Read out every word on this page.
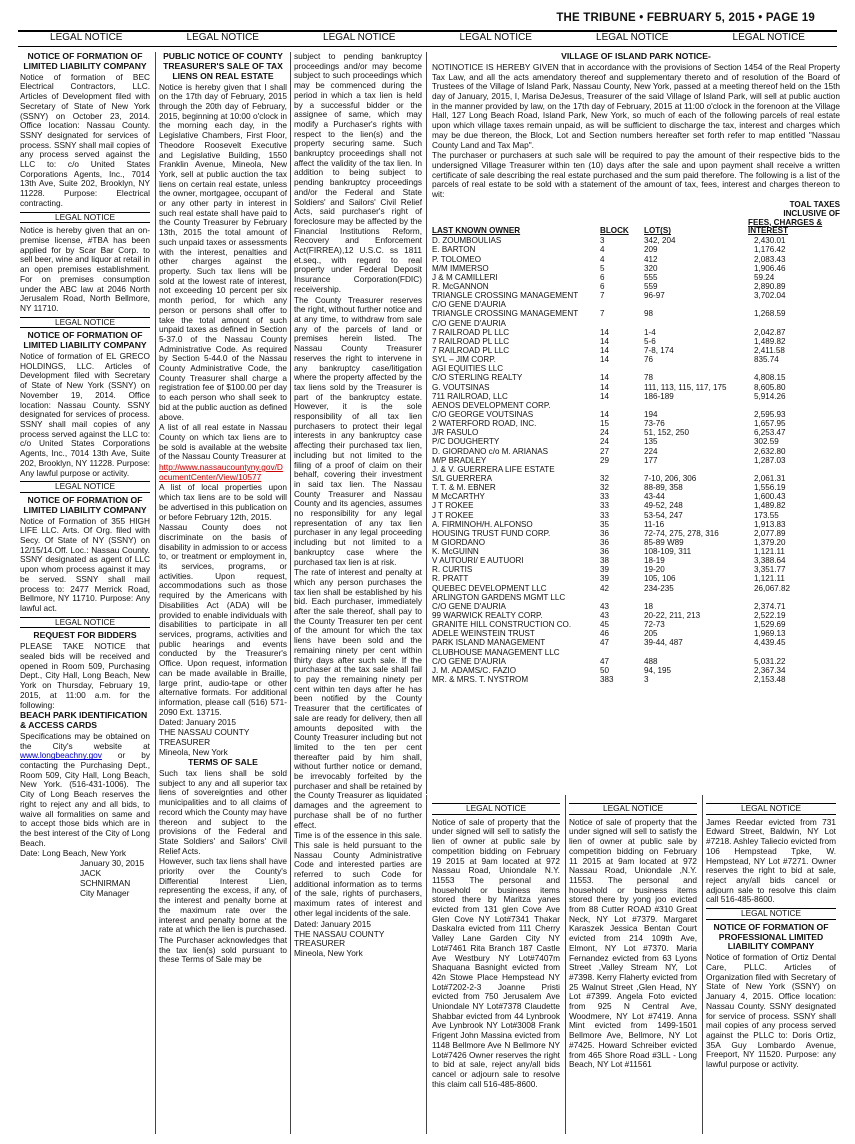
THE TRIBUNE • FEBRUARY 5, 2015 • PAGE 19
LEGAL NOTICE	LEGAL NOTICE	LEGAL NOTICE	LEGAL NOTICE	LEGAL NOTICE	LEGAL NOTICE
NOTICE OF FORMATION OF LIMITED LIABILITY COMPANY

Notice of formation of BEC Electrical Contractors, LLC. Articles of Development filed with Secretary of State of New York (SSNY) on October 23, 2014. Office location: Nassau County. SSNY designated for services of process. SSNY shall mail copies of any process served against the LLC to: c/o United States Corporations Agents, Inc., 7014 13th Ave, Suite 202, Brooklyn, NY 11228. Purpose: Electrical contracting.

LEGAL NOTICE

Notice is hereby given that an on-premise license, #TBA has been applied for by Scar Bar Corp. to sell beer, wine and liquor at retail in an open premises establishment. For on premises consumption under the ABC law at 2046 North Jerusalem Road, North Bellmore, NY 11710.

LEGAL NOTICE
NOTICE OF FORMATION OF LIMITED LIABILITY COMPANY

Notice of formation of EL GRECO HOLDINGS, LLC. Articles of Development filed with Secretary of State of New York (SSNY) on November 19, 2014. Office location: Nassau County. SSNY designated for services of process. SSNY shall mail copies of any process served against the LLC to: c/o United States Corporations Agents, Inc., 7014 13th Ave, Suite 202, Brooklyn, NY 11228. Purpose: Any lawful purpose or activity.

LEGAL NOTICE
NOTICE OF FORMATION OF LIMITED LIABILITY COMPANY

Notice of Formation of 355 HIGH LIFE LLC. Arts. Of Org. filed with Secy. Of State of NY (SSNY) on 12/15/14.Off. Loc.: Nassau County. SSNY designated as agent of LLC upon whom process against it may be served. SSNY shall mail process to: 2477 Merrick Road, Bellmore, NY 11710. Purpose: Any lawful act.

LEGAL NOTICE
REQUEST FOR BIDDERS

PLEASE TAKE NOTICE that sealed bids will be received and opened in Room 509, Purchasing Dept., City Hall, Long Beach, New York on Thursday, February 19, 2015, at 11:00 a.m. for the following:

BEACH PARK IDENTIFICATION & ACCESS CARDS

Specifications may be obtained on the City's website at www.longbeachny.gov or by contacting the Purchasing Dept., Room 509, City Hall, Long Beach, New York. (516-431-1006). The City of Long Beach reserves the right to reject any and all bids, to waive all formalities on same and to accept those bids which are in the best interest of the City of Long Beach.

Date: Long Beach, New York
January 30, 2015
JACK SCHNIRMAN
City Manager
PUBLIC NOTICE OF COUNTY TREASURER'S SALE OF TAX LIENS ON REAL ESTATE

Notice is hereby given that I shall on the 17th day of February, 2015 through the 20th day of February, 2015, beginning at 10:00 o'clock in the morning each day, in the Legislative Chambers, First Floor, Theodore Roosevelt Executive and Legislative Building, 1550 Franklin Avenue, Mineola, New York, sell at public auction the tax liens on certain real estate, unless the owner, mortgagee, occupant of or any other party in interest in such real estate shall have paid to the County Treasurer by February 13th, 2015 the total amount of such unpaid taxes or assessments with the interest, penalties and other charges against the property. Such tax liens will be sold at the lowest rate of interest, not exceeding 10 percent per six month period, for which any person or persons shall offer to take the total amount of such unpaid taxes as defined in Section 5-37.0 of the Nassau County Administrative Code. As required by Section 5-44.0 of the Nassau County Administrative Code, the County Treasurer shall charge a registration fee of $100.00 per day to each person who shall seek to bid at the public auction as defined above.

A list of all real estate in Nassau County on which tax liens are to be sold is available at the website of the Nassau County Treasurer at

http://www.nassaucountyny.gov/DocumentCenter/View/10577

A list of local properties upon which tax liens are to be sold will be advertised in this publication on or before February 12th, 2015.

Nassau County does not discriminate on the basis of disability in admission to or access to, or treatment or employment in, its services, programs, or activities. Upon request, accommodations such as those required by the Americans with Disabilities Act (ADA) will be provided to enable individuals with disabilities to participate in all services, programs, activities and public hearings and events conducted by the Treasurer's Office. Upon request, information can be made available in Braille, large print, audio-tape or other alternative formats. For additional information, please call (516) 571-2090 Ext. 13715.

Dated: January 2015
THE NASSAU COUNTY TREASURER
Mineola, New York
TERMS OF SALE

Such tax liens shall be sold subject to any and all superior tax liens of sovereignties and other municipalities and to all claims of record which the County may have thereon and subject to the provisions of the Federal and State Soldiers' and Sailors' Civil Relief Acts.

However, such tax liens shall have priority over the County's Differential Interest Lien, representing the excess, if any, of the interest and penalty borne at the maximum rate over the interest and penalty borne at the rate at which the lien is purchased.

The Purchaser acknowledges that the tax lien(s) sold pursuant to these Terms of Sale may be

subject to pending bankruptcy proceedings and/or may become subject to such proceedings which may be commenced during the period in which a tax lien is held by a successful bidder or the assignee of same, which may modify a Purchaser's rights with respect to the lien(s) and the property securing same. Such bankruptcy proceedings shall not affect the validity of the tax lien. In addition to being subject to pending bankruptcy proceedings and/or the Federal and State Soldiers' and Sailors' Civil Relief Acts, said purchaser's right of foreclosure may be affected by the Financial Institutions Reform, Recovery and Enforcement Act(FIRREA),12 U.S.C. ss 1811 et.seq., with regard to real property under Federal Deposit Insurance Corporation(FDIC) receivership.

The County Treasurer reserves the right, without further notice and at any time, to withdraw from sale any of the parcels of land or premises herein listed. The Nassau County Treasurer reserves the right to intervene in any bankruptcy case/litigation where the property affected by the tax liens sold by the Treasurer is part of the bankruptcy estate. However, it is the sole responsibility of all tax lien purchasers to protect their legal interests in any bankruptcy case affecting their purchased tax lien, including but not limited to the filing of a proof of claim on their behalf, covering their investment in said tax lien. The Nassau County Treasurer and Nassau County and its agencies, assumes no responsibility for any legal representation of any tax lien purchaser in any legal proceeding including but not limited to a bankruptcy case where the purchased tax lien is at risk.

The rate of interest and penalty at which any person purchases the tax lien shall be established by his bid. Each purchaser, immediately after the sale thereof, shall pay to the County Treasurer ten per cent of the amount for which the tax liens have been sold and the remaining ninety per cent within thirty days after such sale. If the purchaser at the tax sale shall fail to pay the remaining ninety per cent within ten days after he has been notified by the County Treasurer that the certificates of sale are ready for delivery, then all amounts deposited with the County Treasurer including but not limited to the ten per cent thereafter paid by him shall, without further notice or demand, be irrevocably forfeited by the purchaser and shall be retained by the County Treasurer as liquidated damages and the agreement to purchase shall be of no further effect.

Time is of the essence in this sale. This sale is held pursuant to the Nassau County Administrative Code and interested parties are referred to such Code for additional information as to terms of the sale, rights of purchasers, maximum rates of interest and other legal incidents of the sale.

Dated: January 2015
THE NASSAU COUNTY TREASURER
Mineola, New York
VILLAGE OF ISLAND PARK NOTICE-

NOTINOTICE IS HEREBY GIVEN that in accordance with the provisions of Section 1454 of the Real Property Tax Law, and all the acts amendatory thereof and supplementary thereto and of resolution of the Board of Trustees of the Village of Island Park, Nassau County, New York, passed at a meeting thereof held on the 15th day of January, 2015, I, Marisa DeJesus, Treasurer of the said Village of Island Park, will sell at public auction in the manner provided by law, on the 17th day of February, 2015 at 11:00 o'clock in the forenoon at the Village Hall, 127 Long Beach Road, Island Park, New York, so much of each of the following parcels of real estate upon which village taxes remain unpaid, as will be sufficient to discharge the tax, interest and charges which may be due thereon, the Block, Lot and Section numbers hereafter set forth refer to map entitled "Nassau County Land and Tax Map".

The purchaser or purchasers at such sale will be required to pay the amount of their respective bids to the undersigned Village Treasurer within ten (10) days after the sale and upon payment shall receive a written certificate of sale describing the real estate purchased and the sum paid therefore. The following is a list of the parcels of real estate to be sold with a statement of the amount of tax, fees, interest and charges thereon to wit:

LAST KNOWN OWNER	BLOCK	LOT(S)	TOAL TAXES INCLUSIVE OF
FEES, CHARGES & INTEREST
D. ZOUMBOULIAS	3	342, 204	2,430.01
E. BARTON	4	209	1,176.42
P. TOLOMEO	4	412	2,083.43
M/M IMMERSO	5	320	1,906.46
J & M CAMILLERI	6	555	59.24
R. McGANNON	6	559	2,890.89
TRIANGLE CROSSING MANAGEMENT	7	96-97	3,702.04
C/O GENE D'AURIA			
TRIANGLE CROSSING MANAGEMENT	7	98	1,268.59
C/O GENE D'AURIA			
7 RAILROAD PL LLC	14	1-4	2,042.87
7 RAILROAD PL LLC	14	5-6	1,489.82
7 RAILROAD PL LLC	14	7-8, 174	2,411.58
SYL – JIM CORP.	14	76	835.74
AGI EQUITIES LLC			
C/O STERLING REALTY	14	78	4,808.15
G. VOUTSINAS	14	111, 113, 115, 117, 175	8,605.80
711 RAILROAD, LLC	14	186-189	5,914.26
AENOS DEVELOPMENT CORP.			
C/O GEORGE VOUTSINAS	14	194	2,595.93
2 WATERFORD ROAD, INC.	15	73-76	1,657.95
J/R FASULO	24	51, 152, 250	6,253.47
P/C DOUGHERTY	24	135	302.59
D. GIORDANO c/o M. ARIANAS	27	224	2,632.80
M/P BRADLEY	29	177	1,287.03
J. & V. GUERRERA LIFE ESTATE			
S/L GUERRERA	32	7-10, 206, 306	2,061.31
T. T. & M. EBNER	32	88-89, 358	1,556.19
M McCARTHY	33	43-44	1,600.43
J T ROKEE	33	49-52, 248	1,489.82
J T ROKEE	33	53-54, 247	173.55
A. FIRMINOH/H. ALFONSO	35	11-16	1,913.83
HOUSING TRUST FUND CORP.	36	72-74, 275, 278, 316	2,077.89
M GIORDANO	36	85-89 W89	1,379.20
K. McGUINN	36	108-109, 311	1,121.11
V AUTOURI/ E AUTUORI	38	18-19	3,388.64
R. CURTIS	39	19-20	3,351.77
R. PRATT	39	105, 106	1,121.11
QUEBEC DEVELOPMENT LLC	42	234-235	26,067.82
ARLINGTON GARDENS MGMT LLC			
C/O GENE D'AURIA	43	18	2,374.71
99 WARWICK REALTY CORP.	43	20-22, 211, 213	2,522.19
GRANITE HILL CONSTRUCTION CO.	45	72-73	1,529.69
ADELE WEINSTEIN TRUST	46	205	1,969.13
PARK ISLAND MANAGEMENT	47	39-44, 487	4,439.45
CLUBHOUSE MANAGEMENT LLC			
C/O GENE D'AURIA	47	488	5,031.22
J. M. ADAMS/C. FAZIO	50	94, 195	2,367.34
MR. & MRS. T. NYSTROM	383	3	2,153.48
LEGAL NOTICE

Notice of sale of property that the under signed will sell to satisfy the lien of owner at public sale by competition bidding on February 19 2015 at 9am located at 972 Nassau Road, Uniondale N.Y. 11553 The personal and household or business items stored there by Maritza yanes evicted from 131 glen Cove Ave Glen Cove NY Lot#7341 Thakar Daskalra evicted from 111 Cherry Valley Lane Garden City NY Lot#7461 Rita Branch 187 Castle Ave Westbury NY Lot#7407m Shaquana Basnight evicted from 42n Stowe Place Hempstead NY Lot#7202-2-3 Joanne Pristi evicted from 750 Jerusalem Ave Uniondale NY Lot#7378 Claudette Shabbar evicted from 44 Lynbrook Ave Lynbrook NY Lot#3008 Frank Frigent John Massina evicted from 1148 Bellmore Ave N Bellmore NY Lot#7426 Owner reserves the right to bid at sale, reject any/all bids cancel or adjourn sale to resolve this claim call 516-485-8600.

LEGAL NOTICE

Notice of sale of property that the under signed will sell to satisfy the lien of owner at public sale by competition bidding on February 11 2015 at 9am located at 972 Nassau Road, Uniondale ,N.Y. 11553. The personal and household or business items stored there by yong joo evicted from 88 Cutter ROAD #310 Great Neck, NY Lot #7379. Margaret Karaszek Jessica Bentan Court evicted from 214 109th Ave, Elmont, NY Lot #7370. Maria Fernandez evicted from 63 Lyons Street ,Valley Stream NY, Lot #7398. Kerry Flaherty evicted from 25 Walnut Street ,Glen Head, NY Lot #7399. Angela Foto evicted from 925 N Central Ave, Woodmere, NY Lot #7419. Anna Mint evicted from 1499-1501 Bellmore Ave, Bellmore, NY Lot #7425. Howard Schreiber evicted from 465 Shore Road #3LL - Long Beach, NY Lot #11561

LEGAL NOTICE

James Reedar evicted from 731 Edward Street, Baldwin, NY Lot #7218. Ashley Taliecio evicted from 106 Hempstead Tpke, W. Hempstead, NY Lot #7271. Owner reserves the right to bid at sale, reject any/all bids cancel or adjourn sale to resolve this claim call 516-485-8600.

LEGAL NOTICE
NOTICE OF FORMATION OF PROFESSIONAL LIMITED LIABILITY COMPANY

Notice of formation of Ortiz Dental Care, PLLC. Articles of Organization filed with Secretary of State of New York (SSNY) on January 4, 2015. Office location: Nassau County. SSNY designated for service of process. SSNY shall mail copies of any process served against the PLLC to: Doris Ortiz, 35A Guy Lombardo Avenue, Freeport, NY 11520. Purpose: any lawful purpose or activity.
